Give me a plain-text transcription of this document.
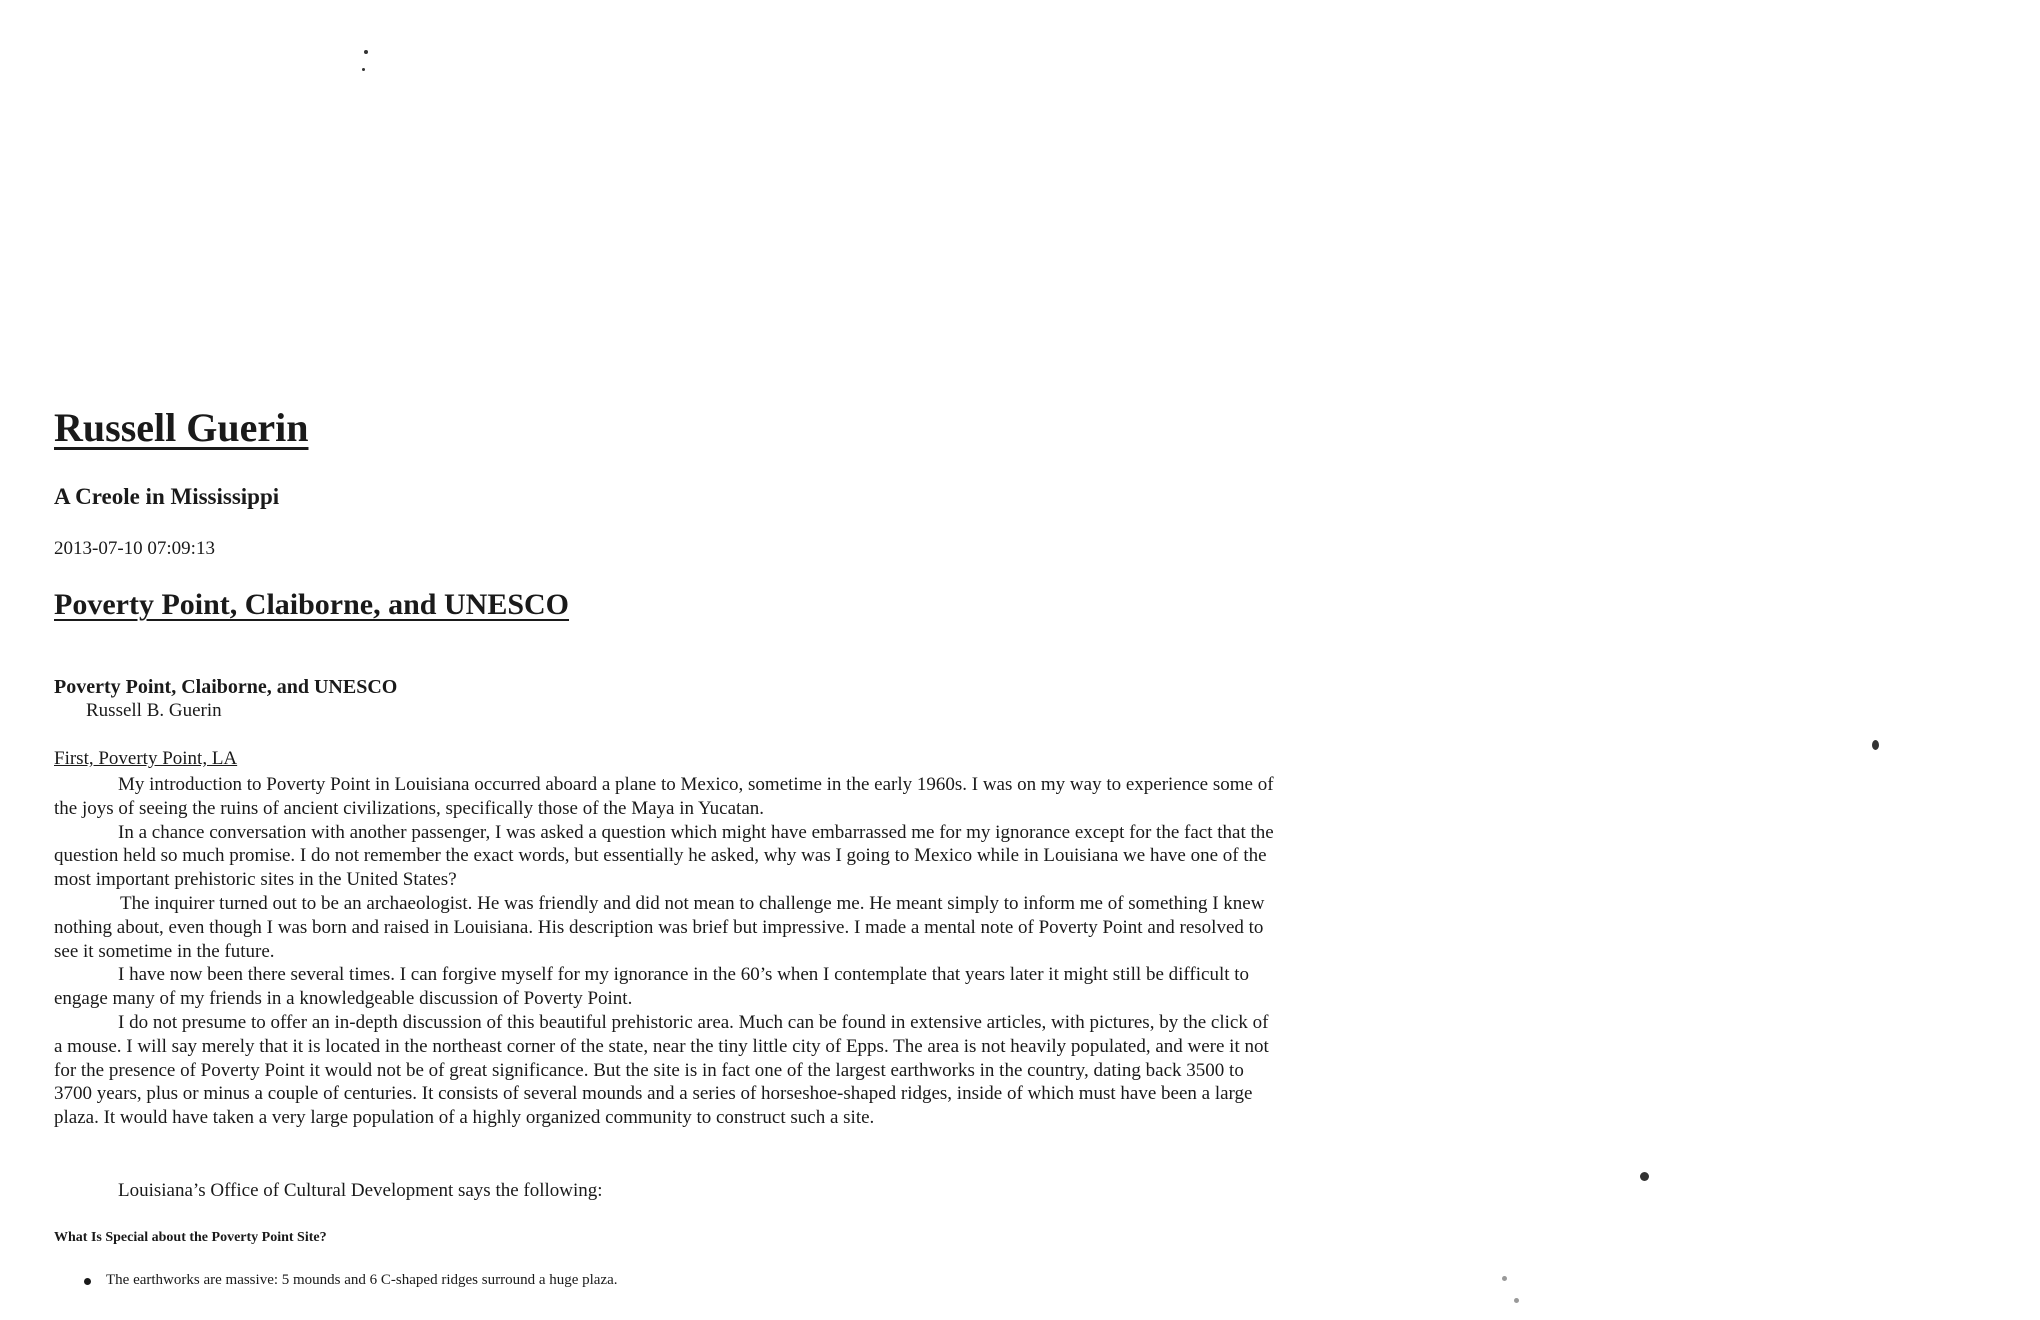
Russell Guerin
A Creole in Mississippi

2013-07-10 07:09:13

Poverty Point, Claiborne, and UNESCO
Poverty Point, Claiborne, and UNESCO
Russell B. Guerin
First, Poverty Point, LA

My introduction to Poverty Point in Louisiana occurred aboard a plane to Mexico, sometime in the early 1960s. I was on my way to experience some of the joys of seeing the ruins of ancient civilizations, specifically those of the Maya in Yucatan.

In a chance conversation with another passenger, I was asked a question which might have embarrassed me for my ignorance except for the fact that the question held so much promise. I do not remember the exact words, but essentially he asked, why was I going to Mexico while in Louisiana we have one of the most important prehistoric sites in the United States?

The inquirer turned out to be an archaeologist. He was friendly and did not mean to challenge me. He meant simply to inform me of something I knew nothing about, even though I was born and raised in Louisiana. His description was brief but impressive. I made a mental note of Poverty Point and resolved to see it sometime in the future.

I have now been there several times. I can forgive myself for my ignorance in the 60’s when I contemplate that years later it might still be difficult to engage many of my friends in a knowledgeable discussion of Poverty Point.

I do not presume to offer an in-depth discussion of this beautiful prehistoric area. Much can be found in extensive articles, with pictures, by the click of a mouse. I will say merely that it is located in the northeast corner of the state, near the tiny little city of Epps. The area is not heavily populated, and were it not for the presence of Poverty Point it would not be of great significance. But the site is in fact one of the largest earthworks in the country, dating back 3500 to 3700 years, plus or minus a couple of centuries. It consists of several mounds and a series of horseshoe-shaped ridges, inside of which must have been a large plaza. It would have taken a very large population of a highly organized community to construct such a site.

Louisiana’s Office of Cultural Development says the following:
What Is Special about the Poverty Point Site?
The earthworks are massive: 5 mounds and 6 C-shaped ridges surround a huge plaza.
